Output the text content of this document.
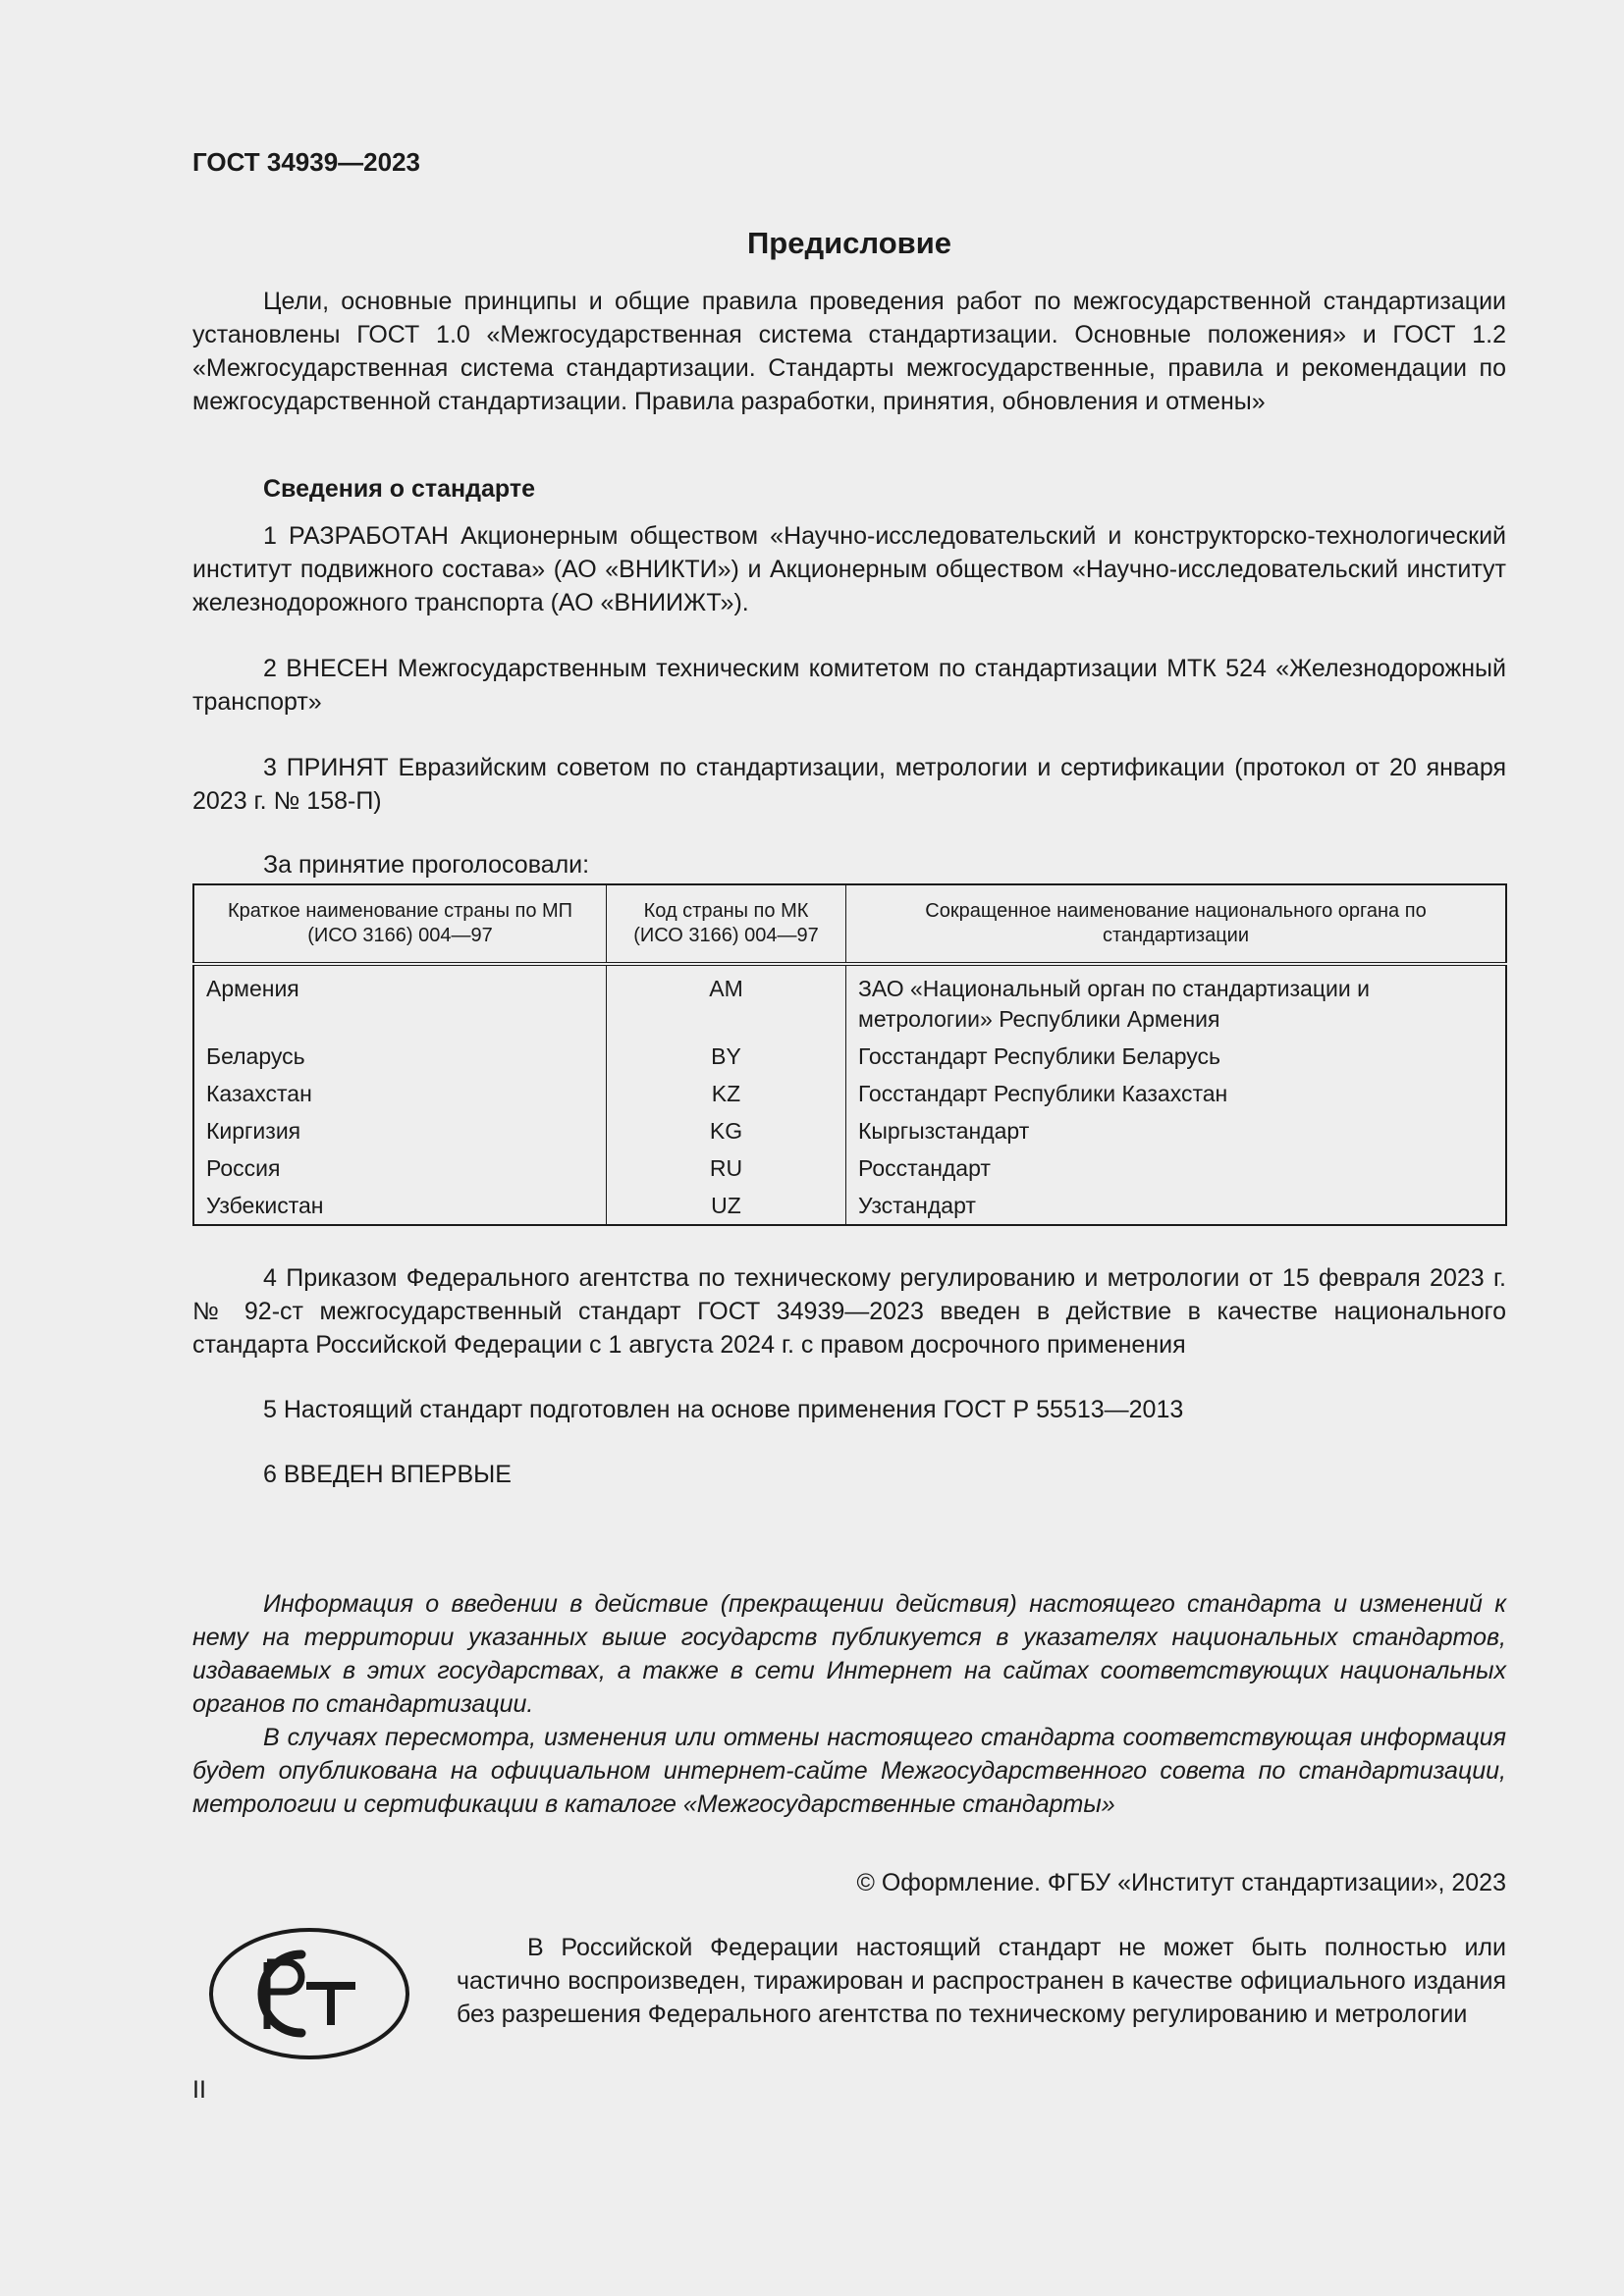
ГОСТ 34939—2023
Предисловие

Цели, основные принципы и общие правила проведения работ по межгосударственной стандартизации установлены ГОСТ 1.0 «Межгосударственная система стандартизации. Основные положения» и ГОСТ 1.2 «Межгосударственная система стандартизации. Стандарты межгосударственные, правила и рекомендации по межгосударственной стандартизации. Правила разработки, принятия, обновления и отмены»

Сведения о стандарте

1 РАЗРАБОТАН Акционерным обществом «Научно-исследовательский и конструкторско-технологический институт подвижного состава» (АО «ВНИКТИ») и Акционерным обществом «Научно-исследовательский институт железнодорожного транспорта (АО «ВНИИЖТ»).

2 ВНЕСЕН Межгосударственным техническим комитетом по стандартизации МТК 524 «Железнодорожный транспорт»

3 ПРИНЯТ Евразийским советом по стандартизации, метрологии и сертификации (протокол от 20 января 2023 г. № 158-П)

За принятие проголосовали:

Краткое наименование страны по МП (ИСО 3166) 004—97	Код страны по МК (ИСО 3166) 004—97	Сокращенное наименование национального органа по стандартизации
Армения	AM	ЗАО «Национальный орган по стандартизации и метрологии» Республики Армения
Беларусь	BY	Госстандарт Республики Беларусь
Казахстан	KZ	Госстандарт Республики Казахстан
Киргизия	KG	Кыргызстандарт
Россия	RU	Росстандарт
Узбекистан	UZ	Узстандарт

4 Приказом Федерального агентства по техническому регулированию и метрологии от 15 февраля 2023 г. № 92-ст межгосударственный стандарт ГОСТ 34939—2023 введен в действие в качестве национального стандарта Российской Федерации с 1 августа 2024 г. с правом досрочного применения

5 Настоящий стандарт подготовлен на основе применения ГОСТ Р 55513—2013

6 ВВЕДЕН ВПЕРВЫЕ

Информация о введении в действие (прекращении действия) настоящего стандарта и изменений к нему на территории указанных выше государств публикуется в указателях национальных стандартов, издаваемых в этих государствах, а также в сети Интернет на сайтах соответствующих национальных органов по стандартизации.

В случаях пересмотра, изменения или отмены настоящего стандарта соответствующая информация будет опубликована на официальном интернет-сайте Межгосударственного совета по стандартизации, метрологии и сертификации в каталоге «Межгосударственные стандарты»

© Оформление. ФГБУ «Институт стандартизации», 2023

В Российской Федерации настоящий стандарт не может быть полностью или частично воспроизведен, тиражирован и распространен в качестве официального издания без разрешения Федерального агентства по техническому регулированию и метрологии

II
